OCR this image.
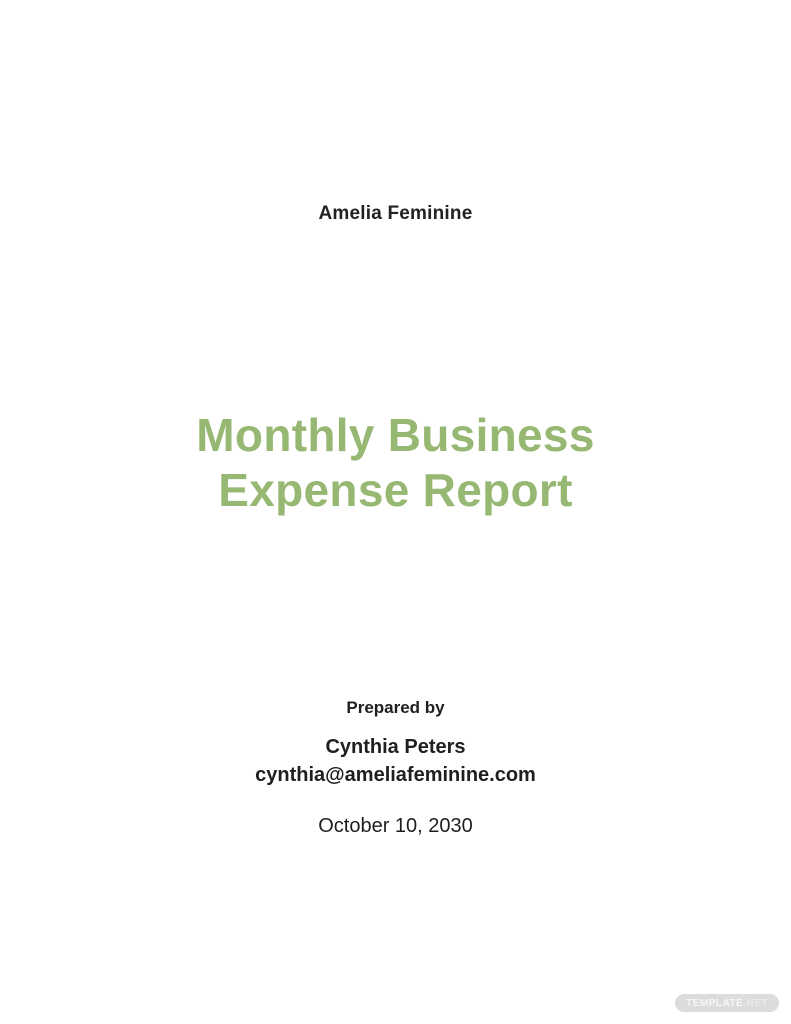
Amelia Feminine
Monthly Business
Expense Report
Prepared by
Cynthia Peters
cynthia@ameliafeminine.com
October 10, 2030
TEMPLATE .NET
